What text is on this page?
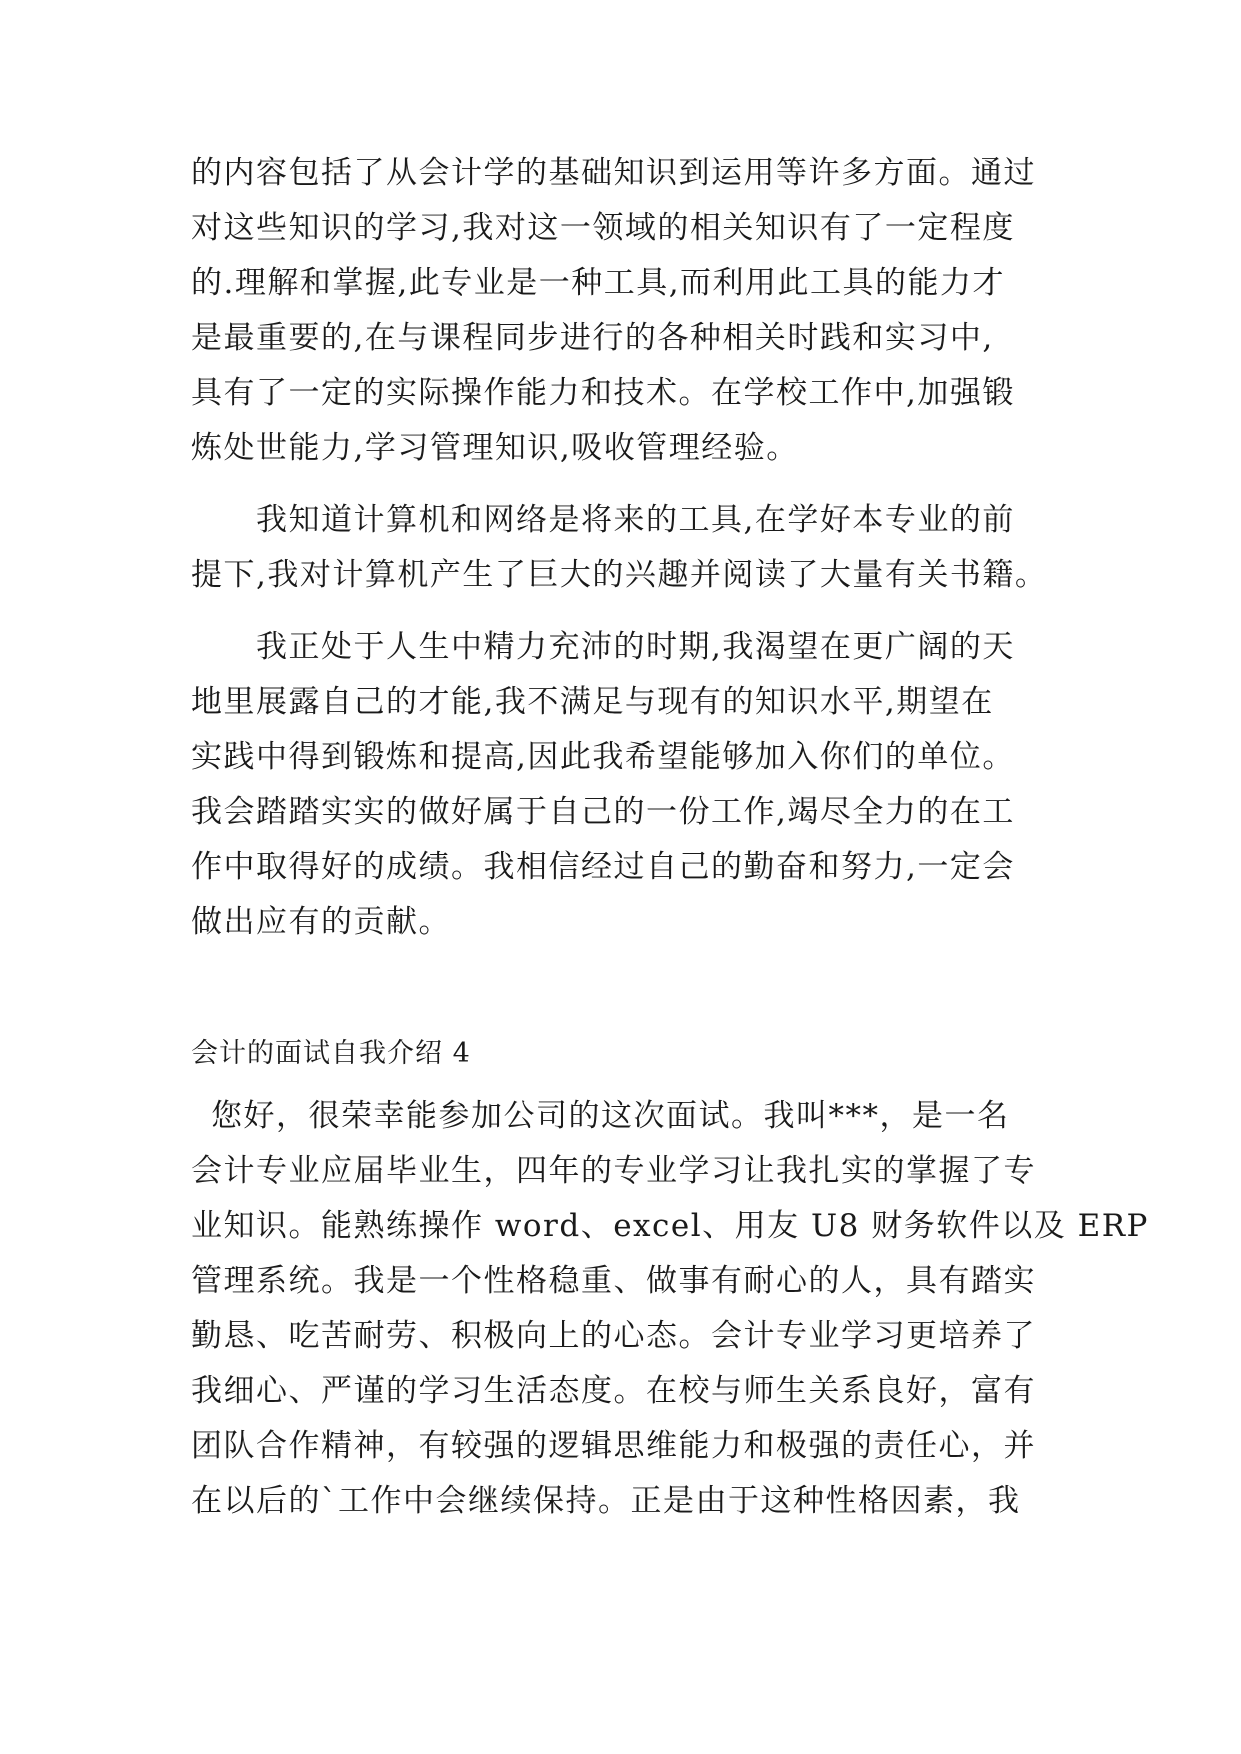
的内容包括了从会计学的基础知识到运用等许多方面。通过
对这些知识的学习,我对这一领域的相关知识有了一定程度
的.理解和掌握,此专业是一种工具,而利用此工具的能力才
是最重要的,在与课程同步进行的各种相关时践和实习中,
具有了一定的实际操作能力和技术。在学校工作中,加强锻
炼处世能力,学习管理知识,吸收管理经验。
我知道计算机和网络是将来的工具,在学好本专业的前
提下,我对计算机产生了巨大的兴趣并阅读了大量有关书籍。
我正处于人生中精力充沛的时期,我渴望在更广阔的天
地里展露自己的才能,我不满足与现有的知识水平,期望在
实践中得到锻炼和提高,因此我希望能够加入你们的单位。
我会踏踏实实的做好属于自己的一份工作,竭尽全力的在工
作中取得好的成绩。我相信经过自己的勤奋和努力,一定会
做出应有的贡献。
会计的面试自我介绍 4
您好，很荣幸能参加公司的这次面试。我叫***，是一名
会计专业应届毕业生，四年的专业学习让我扎实的掌握了专
业知识。能熟练操作 word、excel、用友 U8 财务软件以及 ERP
管理系统。我是一个性格稳重、做事有耐心的人，具有踏实
勤恳、吃苦耐劳、积极向上的心态。会计专业学习更培养了
我细心、严谨的学习生活态度。在校与师生关系良好，富有
团队合作精神，有较强的逻辑思维能力和极强的责任心，并
在以后的`工作中会继续保持。正是由于这种性格因素，我
